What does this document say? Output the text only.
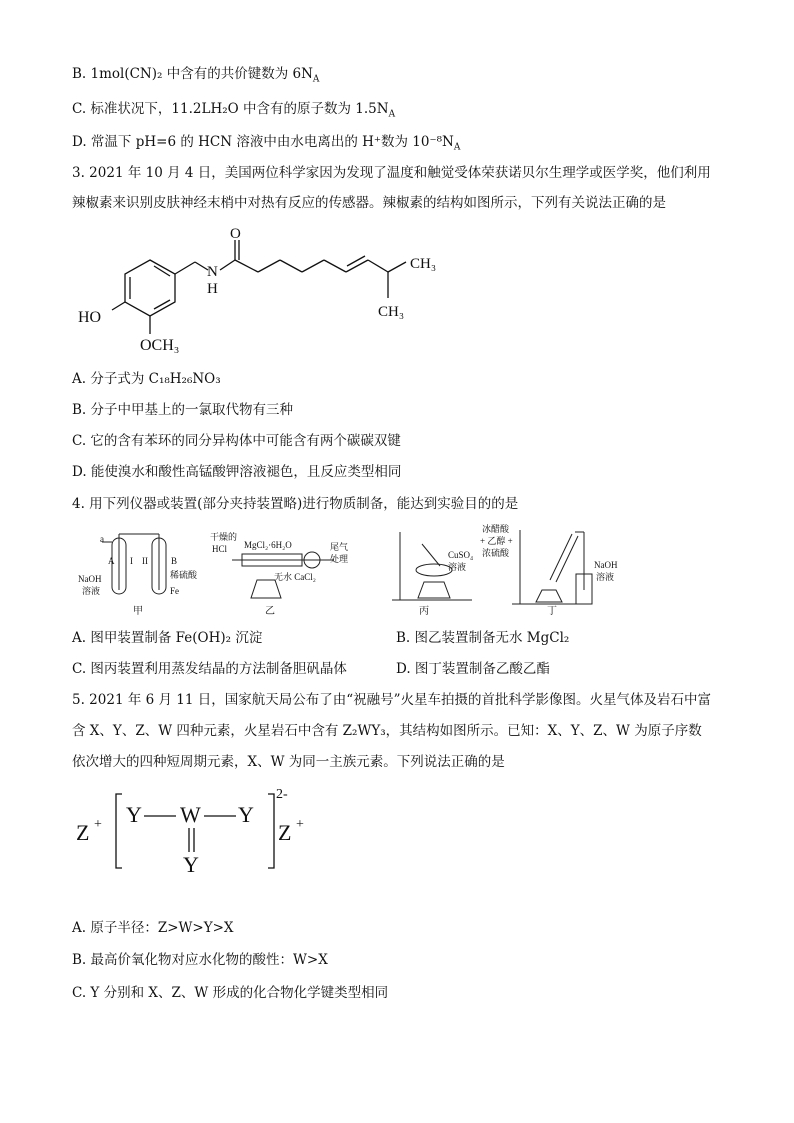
B. 1mol(CN)₂ 中含有的共价键数为 $6N_A$
C. 标准状况下，11.2LH₂O 中含有的原子数为 $1.5N_A$
D. 常温下 pH=6 的 HCN 溶液中由水电离出的 H⁺数为 $10^{-8}N_A$
3. 2021 年 10 月 4 日，美国两位科学家因为发现了温度和触觉受体荣获诺贝尔生理学或医学奖，他们利用
辣椒素来识别皮肤神经末梢中对热有反应的传感器。辣椒素的结构如图所示，下列有关说法正确的是
O
N
H
HO
OCH₃
CH₃
CH₃
A. 分子式为 C₁₈H₂₆NO₃
B. 分子中甲基上的一氯取代物有三种
C. 它的含有苯环的同分异构体中可能含有两个碳碳双键
D. 能使溴水和酸性高锰酸钾溶液褪色，且反应类型相同
4. 用下列仪器或装置(部分夹持装置略)进行物质制备，能达到实验目的的是
a
A	B
I II
NaOH
溶液
稀硫酸
Fe
干燥的
HCl MgCl₂·6H₂O	尾气
处理
无水 CaCl₂
CuSO₄
溶液
冰醋酸
+ 乙醇 +
浓硫酸
NaOH
溶液
甲	乙	丙	丁
A. 图甲装置制备 Fe(OH)₂ 沉淀	B. 图乙装置制备无水 MgCl₂
C. 图丙装置利用蒸发结晶的方法制备胆矾晶体	D. 图丁装置制备乙酸乙酯
5. 2021 年 6 月 11 日，国家航天局公布了由“祝融号”火星车拍摄的首批科学影像图。火星气体及岩石中富
含 X、Y、Z、W 四种元素，火星岩石中含有 Z₂WY₃，其结构如图所示。已知：X、Y、Z、W 为原子序数
依次增大的四种短周期元素，X、W 为同一主族元素。下列说法正确的是
Z + Y W Y
Y
2-
Z +
A. 原子半径：Z>W>Y>X
B. 最高价氧化物对应水化物的酸性：W>X
C. Y 分别和 X、Z、W 形成的化合物化学键类型相同
